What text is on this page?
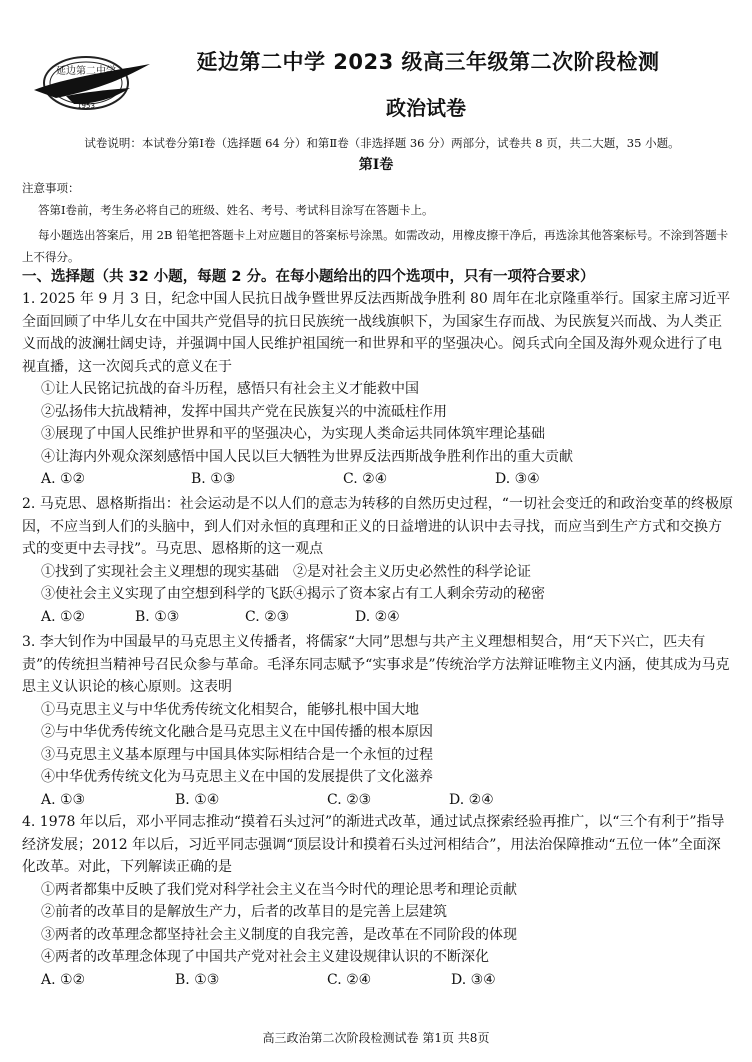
延边第二中学
1953
延边第二中学 2023 级高三年级第二次阶段检测
政治试卷
试卷说明：本试卷分第Ⅰ卷（选择题 64 分）和第Ⅱ卷（非选择题 36 分）两部分，试卷共 8 页，共二大题，35 小题。
第Ⅰ卷
注意事项：
答第Ⅰ卷前，考生务必将自己的班级、姓名、考号、考试科目涂写在答题卡上。
每小题选出答案后，用 2B 铅笔把答题卡上对应题目的答案标号涂黑。如需改动，用橡皮擦干净后，再选涂其他答案标号。不涂到答题卡上不得分。
一、选择题（共 32 小题，每题 2 分。在每小题给出的四个选项中，只有一项符合要求）

1. 2025 年 9 月 3 日，纪念中国人民抗日战争暨世界反法西斯战争胜利 80 周年在北京隆重举行。国家主席习近平全面回顾了中华儿女在中国共产党倡导的抗日民族统一战线旗帜下，为国家生存而战、为民族复兴而战、为人类正义而战的波澜壮阔史诗，并强调中国人民维护祖国统一和世界和平的坚强决心。阅兵式向全国及海外观众进行了电视直播，这一次阅兵式的意义在于

①让人民铭记抗战的奋斗历程，感悟只有社会主义才能救中国

②弘扬伟大抗战精神，发挥中国共产党在民族复兴的中流砥柱作用

③展现了中国人民维护世界和平的坚强决心，为实现人类命运共同体筑牢理论基础

④让海内外观众深刻感悟中国人民以巨大牺牲为世界反法西斯战争胜利作出的重大贡献

A. ①②	B. ①③	C. ②④	D. ③④

2. 马克思、恩格斯指出：社会运动是不以人们的意志为转移的自然历史过程，“一切社会变迁的和政治变革的终极原因，不应当到人们的头脑中，到人们对永恒的真理和正义的日益增进的认识中去寻找，而应当到生产方式和交换方式的变更中去寻找”。马克思、恩格斯的这一观点

①找到了实现社会主义理想的现实基础　②是对社会主义历史必然性的科学论证

③使社会主义实现了由空想到科学的飞跃④揭示了资本家占有工人剩余劳动的秘密

A. ①②	B. ①③	C. ②③	D. ②④

3. 李大钊作为中国最早的马克思主义传播者，将儒家“大同”思想与共产主义理想相契合，用“天下兴亡，匹夫有责”的传统担当精神号召民众参与革命。毛泽东同志赋予“实事求是”传统治学方法辩证唯物主义内涵，使其成为马克思主义认识论的核心原则。这表明

①马克思主义与中华优秀传统文化相契合，能够扎根中国大地

②与中华优秀传统文化融合是马克思主义在中国传播的根本原因

③马克思主义基本原理与中国具体实际相结合是一个永恒的过程

④中华优秀传统文化为马克思主义在中国的发展提供了文化滋养

A. ①③	B. ①④	C. ②③	D. ②④

4. 1978 年以后，邓小平同志推动“摸着石头过河”的渐进式改革，通过试点探索经验再推广，以“三个有利于”指导经济发展；2012 年以后，习近平同志强调“顶层设计和摸着石头过河相结合”，用法治保障推动“五位一体”全面深化改革。对此，下列解读正确的是

①两者都集中反映了我们党对科学社会主义在当今时代的理论思考和理论贡献

②前者的改革目的是解放生产力，后者的改革目的是完善上层建筑

③两者的改革理念都坚持社会主义制度的自我完善，是改革在不同阶段的体现

④两者的改革理念体现了中国共产党对社会主义建设规律认识的不断深化

A. ①②	B. ①③	C. ②④	D. ③④
高三政治第二次阶段检测试卷 第1页 共8页
